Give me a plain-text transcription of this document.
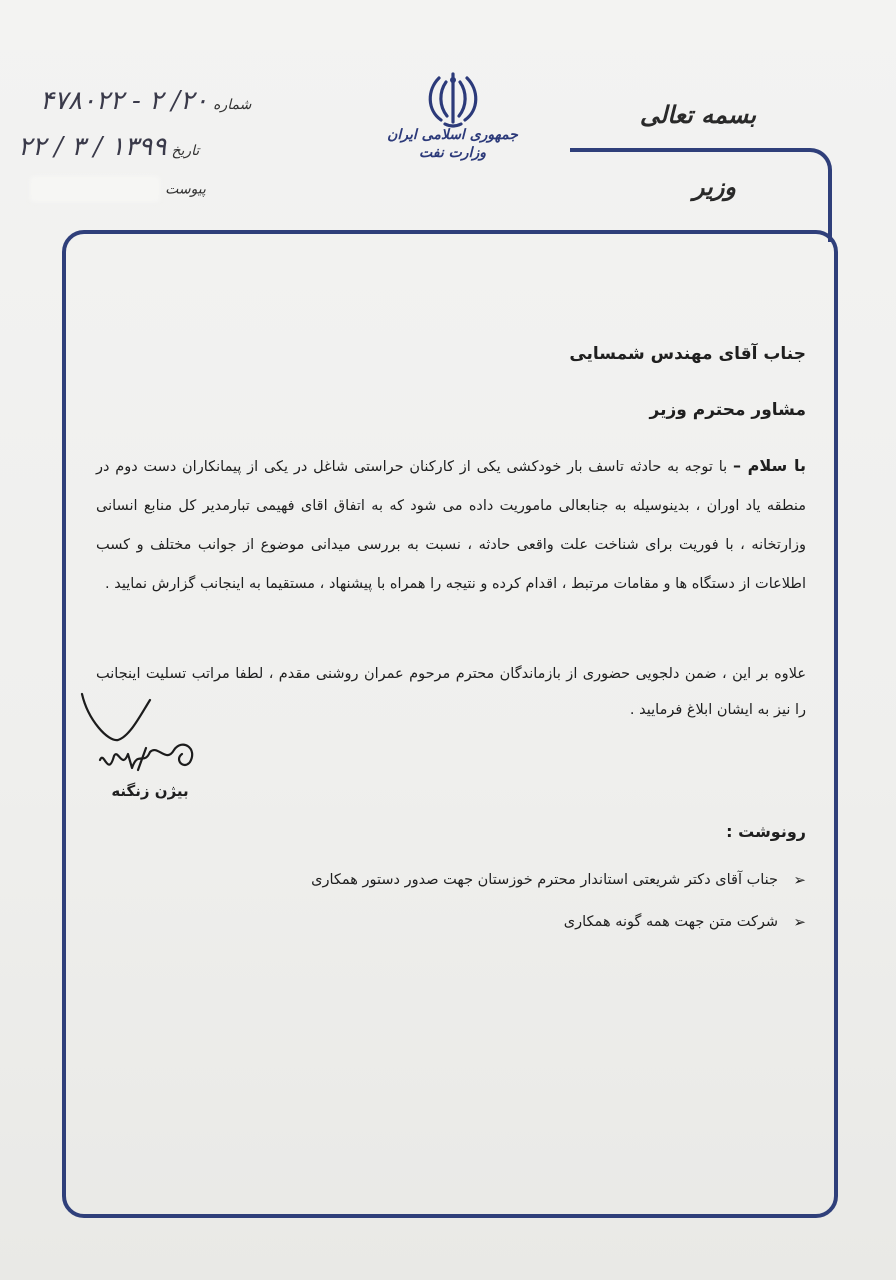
بسمه تعالی
وزیر
جمهوری اسلامی ایران
وزارت نفت
شماره ۲۰/ ۲ - ۴۷۸۰۲۲
تاریخ ۱۳۹۹ / ۳ / ۲۲
پیوست
جناب آقای مهندس شمسایی
مشاور محترم وزیر
با سلام – با توجه به حادثه تاسف بار خودکشی یکی از کارکنان حراستی شاغل در یکی از پیمانکاران دست دوم در منطقه یاد اوران ، بدینوسیله به جنابعالی ماموریت داده می شود که به اتفاق اقای فهیمی تبارمدیر کل منابع انسانی وزارتخانه ، با فوریت برای شناخت علت واقعی حادثه ، نسبت به بررسی میدانی موضوع از جوانب مختلف و کسب اطلاعات از دستگاه ها و مقامات مرتبط ، اقدام کرده و نتیجه را همراه با پیشنهاد ، مستقیما به اینجانب گزارش نمایید .
علاوه بر این ، ضمن دلجویی حضوری از بازماندگان محترم مرحوم عمران روشنی مقدم ، لطفا مراتب تسلیت اینجانب را نیز به ایشان ابلاغ فرمایید .
بیژن زنگنه
رونوشت :
➢
جناب آقای دکتر شریعتی استاندار محترم خوزستان جهت صدور دستور همکاری
➢
شرکت متن جهت همه گونه همکاری
